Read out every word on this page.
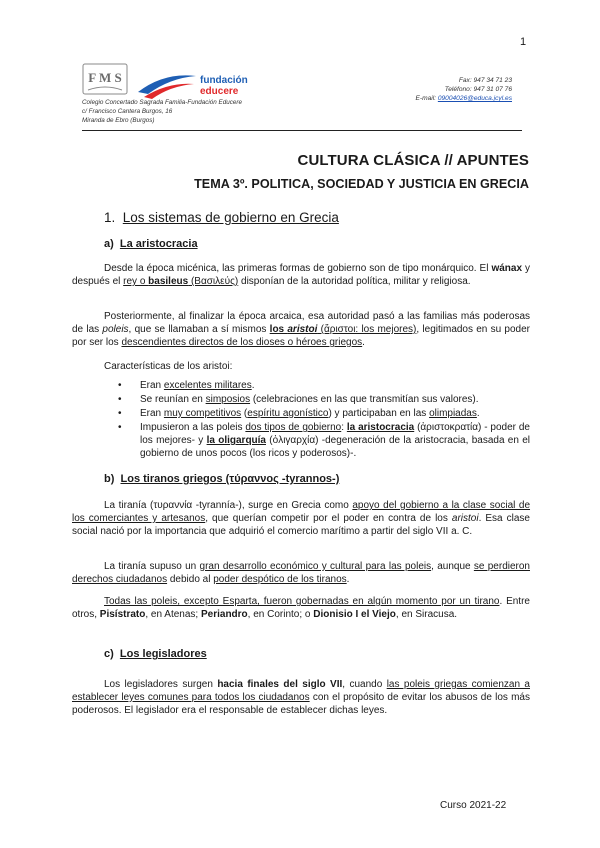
1
F M S	fundación
educere
Colegio Concertado Sagrada Familia-Fundación Educere
c/ Francisco Cantera Burgos, 16
Miranda de Ebro (Burgos)
Fax: 947 34 71 23
Teléfono: 947 31 07 76
E-mail: 09004026@educa.jcyl.es
CULTURA CLÁSICA // APUNTES
TEMA 3º. POLITICA, SOCIEDAD Y JUSTICIA EN GRECIA
1. Los sistemas de gobierno en Grecia
a) La aristocracia
Desde la época micénica, las primeras formas de gobierno son de tipo monárquico. El wánax y después el rey o basileus (Βασιλεύς) disponían de la autoridad política, militar y religiosa.
Posteriormente, al finalizar la época arcaica, esa autoridad pasó a las familias más poderosas de las poleis, que se llamaban a sí mismos los aristoi (ἄριστοι: los mejores), legitimados en su poder por ser los descendientes directos de los dioses o héroes griegos.
Características de los aristoi:
• Eran excelentes militares.
• Se reunían en simposios (celebraciones en las que transmitían sus valores).
• Eran muy competitivos (espíritu agonístico) y participaban en las olimpiadas.
• Impusieron a las poleis dos tipos de gobierno: la aristocracia (ἀριστοκρατία) - poder de los mejores- y la oligarquía (ὀλιγαρχία) -degeneración de la aristocracia, basada en el gobierno de unos pocos (los ricos y poderosos)-.
b) Los tiranos griegos (τύραννος -tyrannos-)
La tiranía (τυραννία -tyrannía-), surge en Grecia como apoyo del gobierno a la clase social de los comerciantes y artesanos, que querían competir por el poder en contra de los aristoi. Esa clase social nació por la importancia que adquirió el comercio marítimo a partir del siglo VII a. C.
La tiranía supuso un gran desarrollo económico y cultural para las poleis, aunque se perdieron derechos ciudadanos debido al poder despótico de los tiranos.
Todas las poleis, excepto Esparta, fueron gobernadas en algún momento por un tirano. Entre otros, Pisístrato, en Atenas; Periandro, en Corinto; o Dionisio I el Viejo, en Siracusa.
c) Los legisladores
Los legisladores surgen hacia finales del siglo VII, cuando las poleis griegas comienzan a establecer leyes comunes para todos los ciudadanos con el propósito de evitar los abusos de los más poderosos. El legislador era el responsable de establecer dichas leyes.
Curso 2021-22
